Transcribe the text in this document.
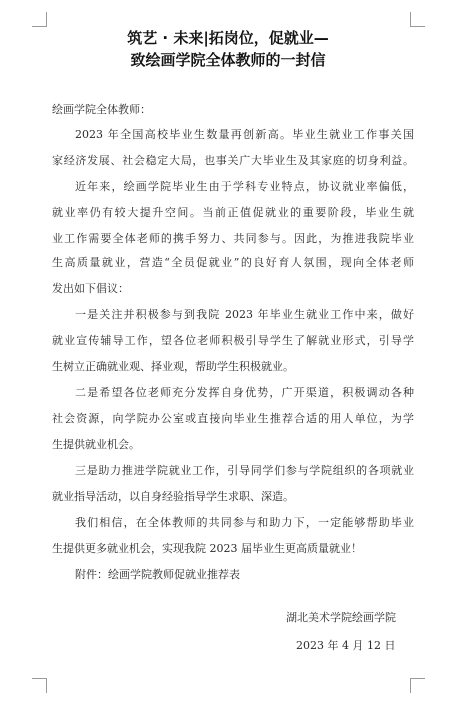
筑艺 · 未来|拓岗位，促就业—
致绘画学院全体教师的一封信
绘画学院全体教师：
2023 年全国高校毕业生数量再创新高。毕业生就业工作事关国
家经济发展、社会稳定大局，也事关广大毕业生及其家庭的切身利益。
近年来，绘画学院毕业生由于学科专业特点，协议就业率偏低，
就业率仍有较大提升空间。当前正值促就业的重要阶段，毕业生就
业工作需要全体老师的携手努力、共同参与。因此，为推进我院毕业
生高质量就业，营造“全员促就业”的良好育人氛围，现向全体老师
发出如下倡议：
一是关注并积极参与到我院 2023 年毕业生就业工作中来，做好
就业宣传辅导工作，望各位老师积极引导学生了解就业形式，引导学
生树立正确就业观、择业观，帮助学生积极就业。
二是希望各位老师充分发挥自身优势，广开渠道，积极调动各种
社会资源，向学院办公室或直接向毕业生推荐合适的用人单位，为学
生提供就业机会。
三是助力推进学院就业工作，引导同学们参与学院组织的各项就业
就业指导活动，以自身经验指导学生求职、深造。
我们相信，在全体教师的共同参与和助力下，一定能够帮助毕业
生提供更多就业机会，实现我院 2023 届毕业生更高质量就业！
附件：绘画学院教师促就业推荐表
湖北美术学院绘画学院
2023 年 4 月 12 日
